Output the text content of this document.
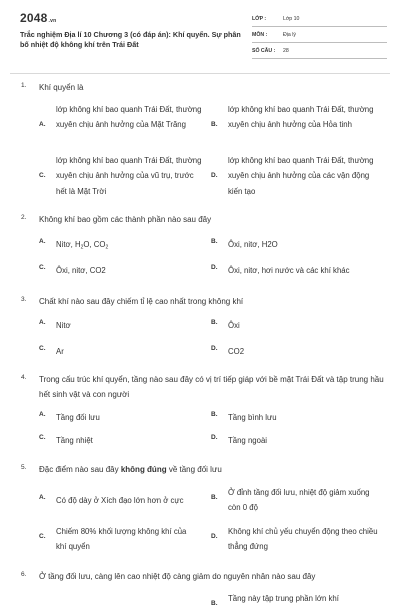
2048.vn
Trắc nghiệm Địa lí 10 Chương 3 (có đáp án): Khí quyển. Sự phân bố nhiệt độ không khí trên Trái Đất
LỚP :	Lớp 10
MÔN :	Địa lý
SỐ CÂU :	28
1. Khí quyển là
A.
lớp không khí bao quanh Trái Đất, thường xuyên chịu ảnh hưởng của Mặt Trăng	B.
lớp không khí bao quanh Trái Đất, thường xuyên chịu ảnh hưởng của Hỏa tinh
C.
lớp không khí bao quanh Trái Đất, thường xuyên chịu ảnh hưởng của vũ trụ, trước hết là Mặt Trời
D.
lớp không khí bao quanh Trái Đất, thường xuyên chịu ảnh hưởng của các vận động kiến tạo
2. Không khí bao gồm các thành phần nào sau đây
A. Nitơ, $H_2O$, $CO_2$
B. Ôxi, nitơ, H2O
C. Ôxi, nitơ, CO2	D. Ôxi, nitơ, hơi nước và các khí khác
3. Chất khí nào sau đây chiếm tỉ lệ cao nhất trong không khí
A. Nitơ	B. Ôxi
C. Ar	D. CO2
4. Trong cấu trúc khí quyển, tầng nào sau đây có vị trí tiếp giáp với bề mặt Trái Đất và tập trung hầu hết sinh vật và con người
A. Tầng đối lưu	B. Tầng bình lưu
C. Tầng nhiệt	D. Tầng ngoài
5. Đặc điểm nào sau đây không đúng về tầng đối lưu
A. Có độ dày ở Xích đạo lớn hơn ở cực	B.
Ở đỉnh tầng đối lưu, nhiệt độ giảm xuống còn 0 độ
C.
Chiếm 80% khối lượng không khí của khí quyển
D.
Không khí chủ yếu chuyển động theo chiều thẳng đứng
6. Ở tầng đối lưu, càng lên cao nhiệt độ càng giảm do nguyên nhân nào sau đây
B.
Tầng này tập trung phần lớn khí
